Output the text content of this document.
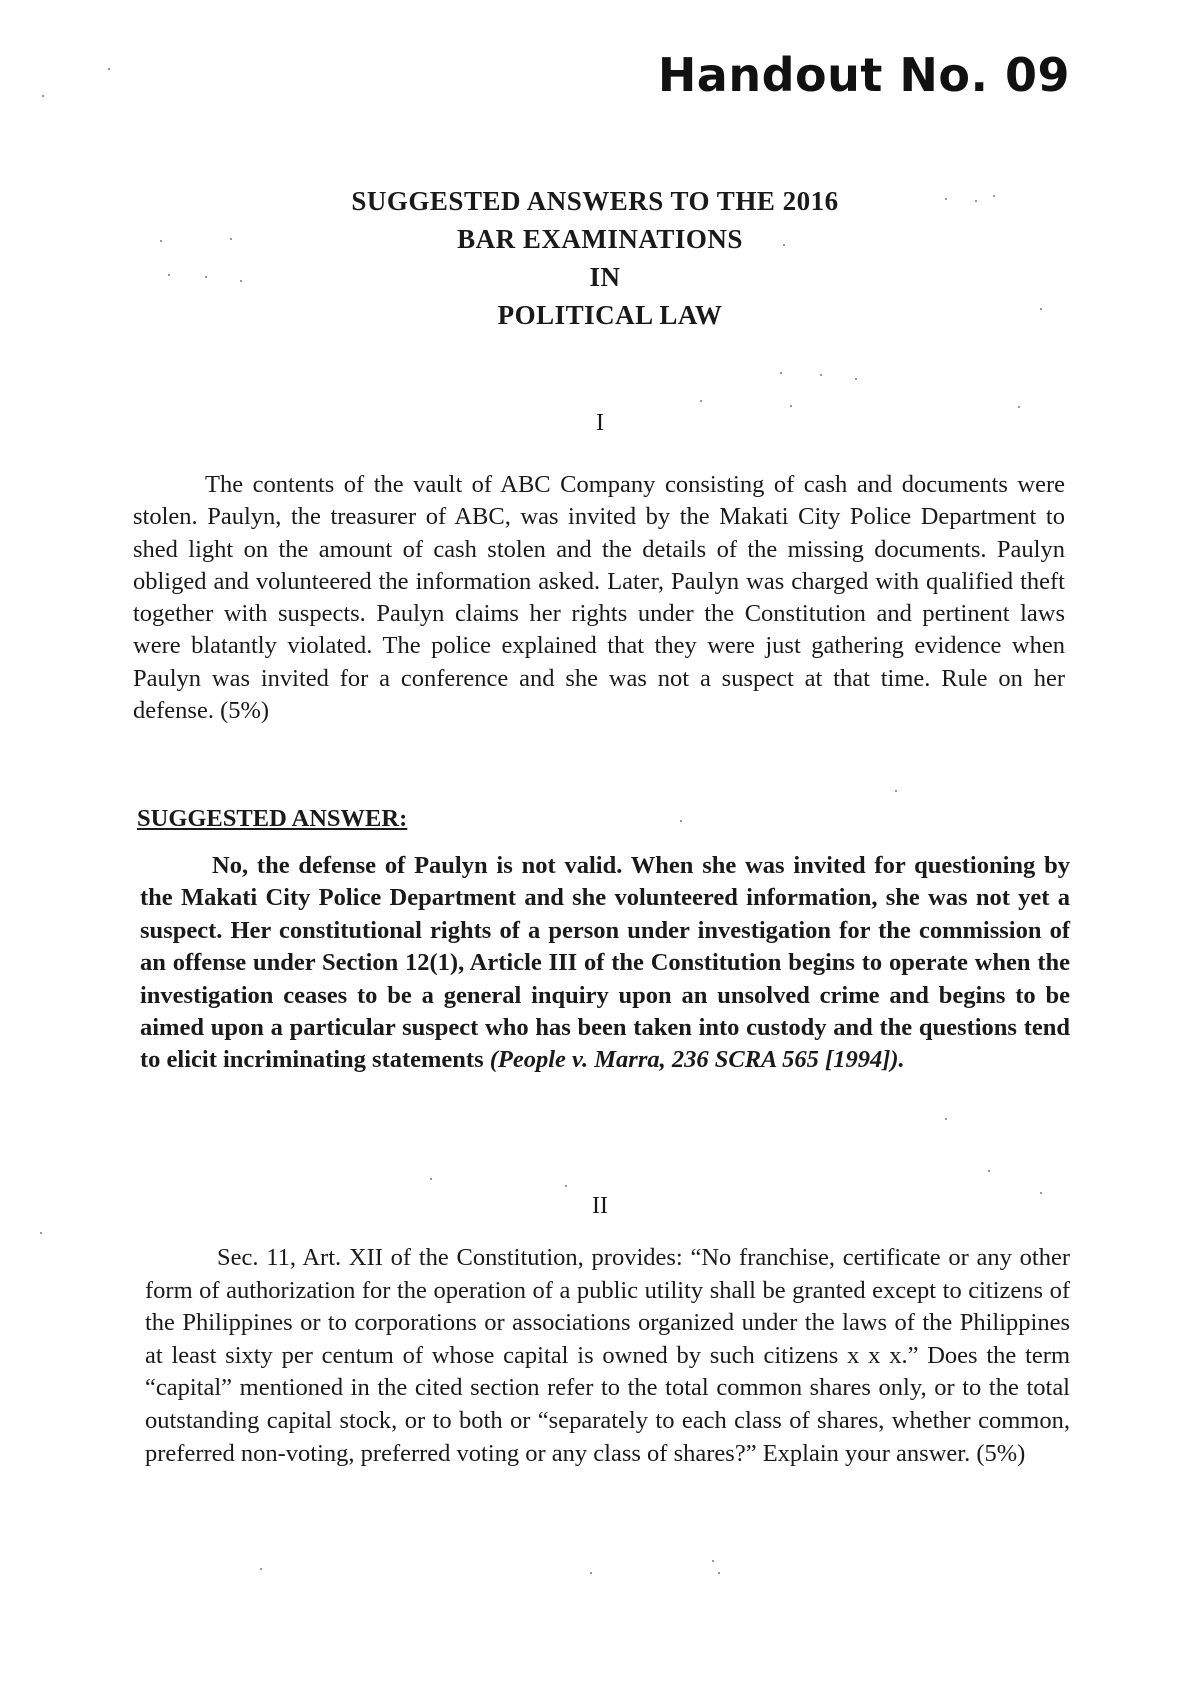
Handout No. 09
SUGGESTED ANSWERS TO THE 2016
BAR EXAMINATIONS
IN
POLITICAL LAW
I

The contents of the vault of ABC Company consisting of cash and documents were stolen. Paulyn, the treasurer of ABC, was invited by the Makati City Police Department to shed light on the amount of cash stolen and the details of the missing documents. Paulyn obliged and volunteered the information asked. Later, Paulyn was charged with qualified theft together with suspects. Paulyn claims her rights under the Constitution and pertinent laws were blatantly violated. The police explained that they were just gathering evidence when Paulyn was invited for a conference and she was not a suspect at that time. Rule on her defense. (5%)

SUGGESTED ANSWER:

No, the defense of Paulyn is not valid. When she was invited for questioning by the Makati City Police Department and she volunteered information, she was not yet a suspect. Her constitutional rights of a person under investigation for the commission of an offense under Section 12(1), Article III of the Constitution begins to operate when the investigation ceases to be a general inquiry upon an unsolved crime and begins to be aimed upon a particular suspect who has been taken into custody and the questions tend to elicit incriminating statements (People v. Marra, 236 SCRA 565 [1994]).

II

Sec. 11, Art. XII of the Constitution, provides: “No franchise, certificate or any other form of authorization for the operation of a public utility shall be granted except to citizens of the Philippines or to corporations or associations organized under the laws of the Philippines at least sixty per centum of whose capital is owned by such citizens x x x.” Does the term “capital” mentioned in the cited section refer to the total common shares only, or to the total outstanding capital stock, or to both or “separately to each class of shares, whether common, preferred non-voting, preferred voting or any class of shares?” Explain your answer. (5%)
